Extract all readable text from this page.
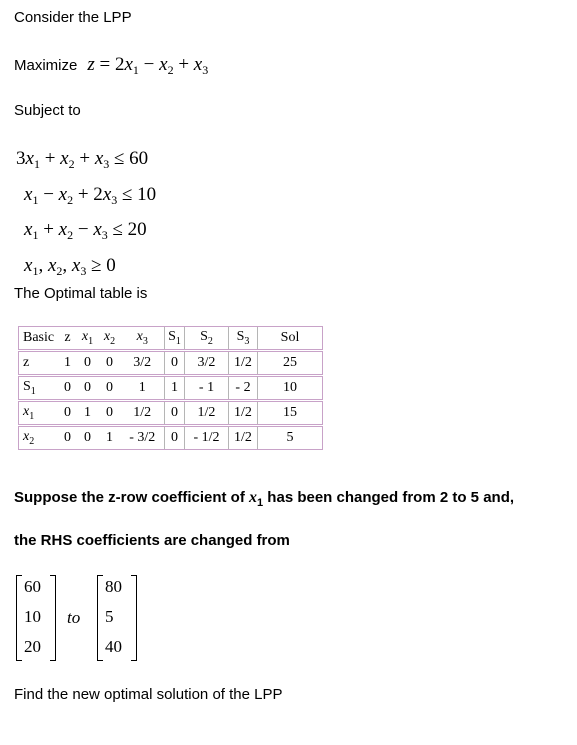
Consider the LPP
Maximize $z = 2x_1 - x_2 + x_3$
Subject to
$3x_1 + x_2 + x_3 \le 60$
$x_1 - x_2 + 2x_3 \le 10$
$x_1 + x_2 - x_3 \le 20$
$x_1$, $x_2$, $x_3 \ge 0$
The Optimal table is
Basic	z	$x_1$	$x_2$	$x_3$	$S_1$	$S_2$	$S_3$	Sol
z	1	0	0	3/2	0	3/2	1/2	25
$S_1$	0	0	0	1	1	- 1	- 2	10
$x_1$	0	1	0	1/2	0	1/2	1/2	15
$x_2$	0	0	1	- 3/2	0	- 1/2	1/2	5
Suppose the z-row coefficient of $x_1$ has been changed from 2 to 5 and,
the RHS coefficients are changed from
60
10
20
to
80
5
40
Find the new optimal solution of the LPP
